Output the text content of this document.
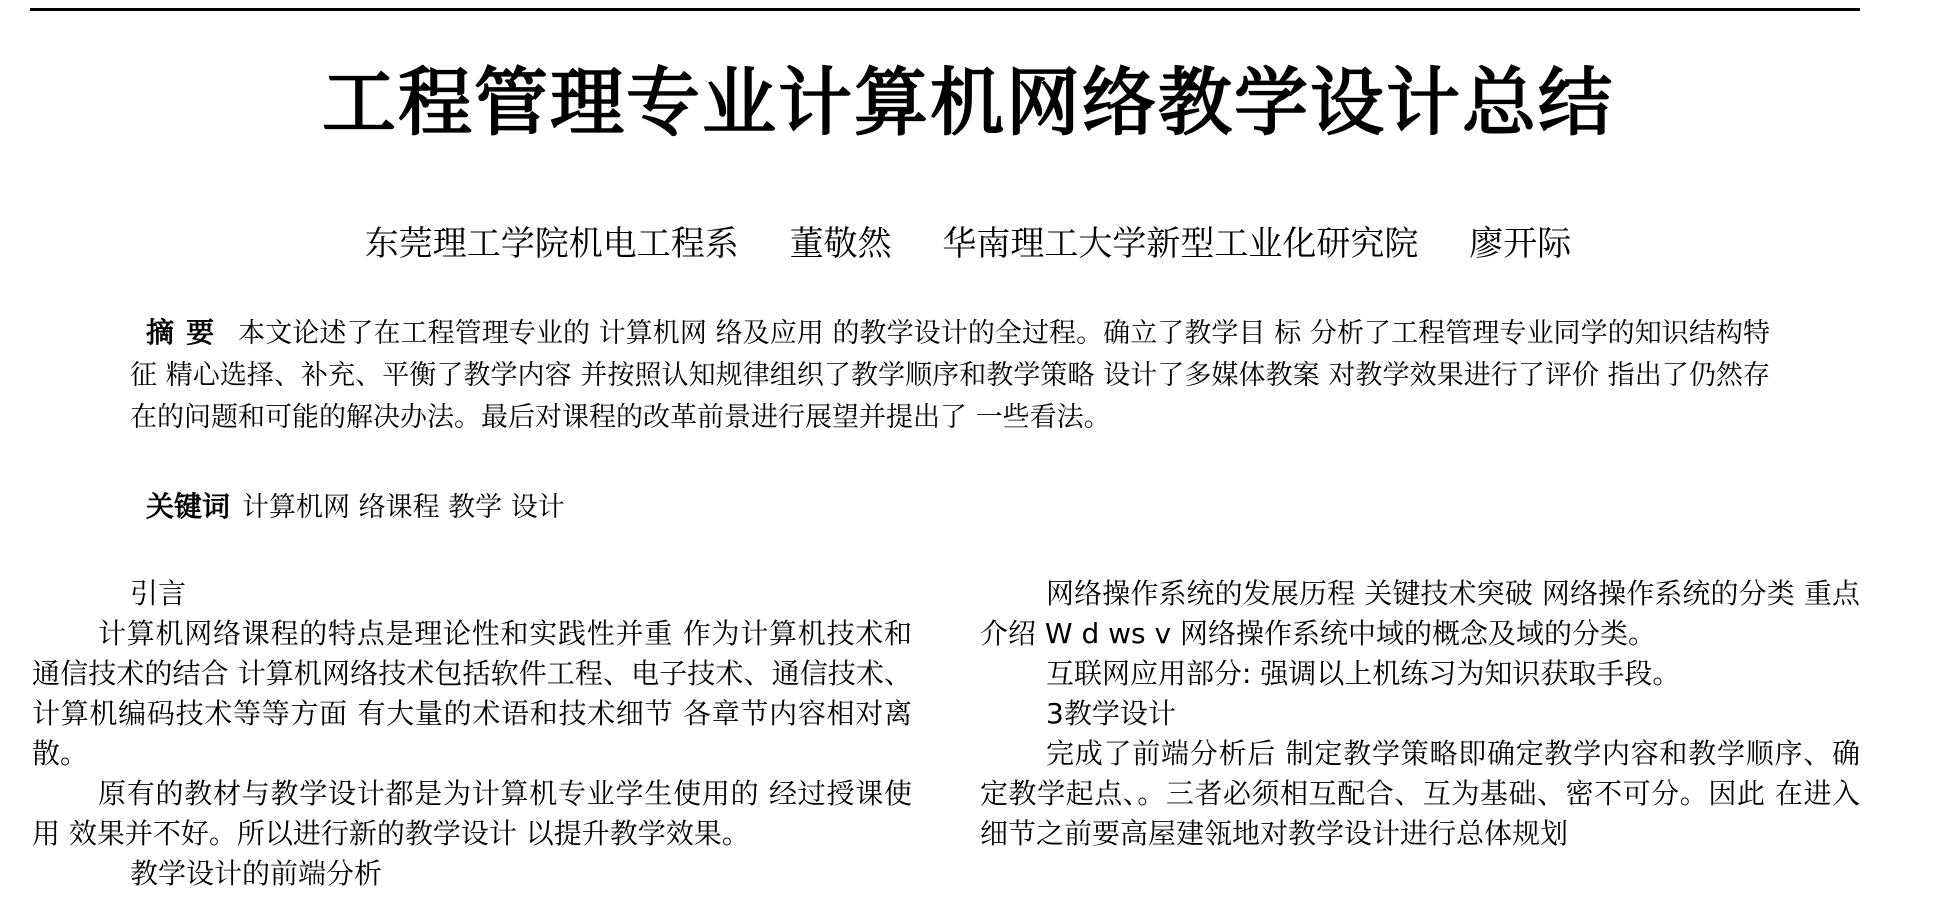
工程管理专业计算机网络教学设计总结
东莞理工学院机电工程系 董敬然 华南理工大学新型工业化研究院 廖开际
摘要 本文论述了在工程管理专业的 计算机网 络及应用 的教学设计的全过程。确立了教学目 标 分析了工程管理专业同学的知识结构特征 精心选择、补充、平衡了教学内容 并按照认知规律组织了教学顺序和教学策略 设计了多媒体教案 对教学效果进行了评价 指出了仍然存在的问题和可能的解决办法。最后对课程的改革前景进行展望并提出了 一些看法。
关键词 计算机网 络课程 教学 设计

引言

计算机网络课程的特点是理论性和实践性并重 作为计算机技术和通信技术的结合 计算机网络技术包括软件工程、电子技术、通信技术、计算机编码技术等等方面 有大量的术语和技术细节 各章节内容相对离散。

原有的教材与教学设计都是为计算机专业学生使用的 经过授课使用 效果并不好。所以进行新的教学设计 以提升教学效果。

教学设计的前端分析

网络操作系统的发展历程 关键技术突破 网络操作系统的分类 重点介绍 W d ws v 网络操作系统中域的概念及域的分类。

互联网应用部分: 强调以上机练习为知识获取手段。

3教学设计

完成了前端分析后 制定教学策略即确定教学内容和教学顺序、确定教学起点、。三者必须相互配合、互为基础、密不可分。因此 在进入细节之前要高屋建瓴地对教学设计进行总体规划
